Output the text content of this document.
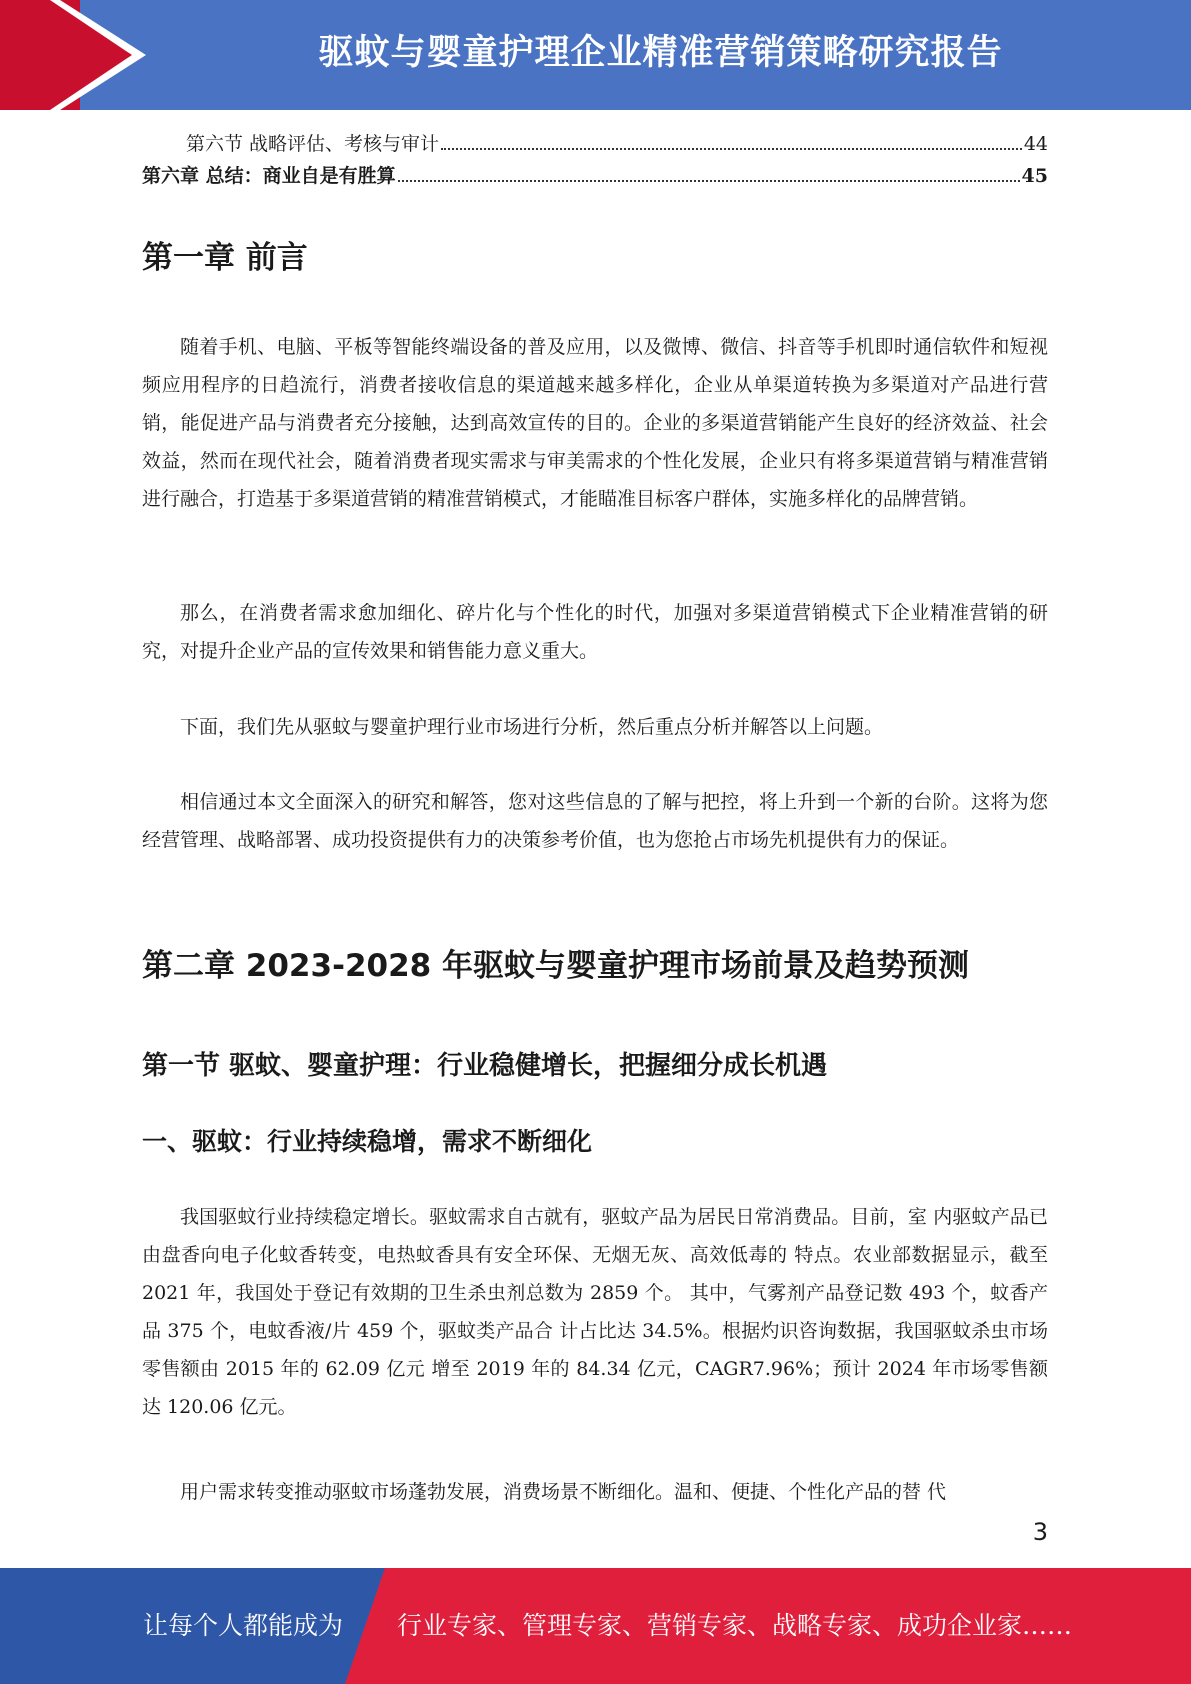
驱蚊与婴童护理企业精准营销策略研究报告
第六节 战略评估、考核与审计	44
第六章 总结：商业自是有胜算	45
第一章 前言

随着手机、电脑、平板等智能终端设备的普及应用，以及微博、微信、抖音等手机即时通信软件和短视频应用程序的日趋流行，消费者接收信息的渠道越来越多样化，企业从单渠道转换为多渠道对产品进行营销，能促进产品与消费者充分接触，达到高效宣传的目的。企业的多渠道营销能产生良好的经济效益、社会效益，然而在现代社会，随着消费者现实需求与审美需求的个性化发展，企业只有将多渠道营销与精准营销进行融合，打造基于多渠道营销的精准营销模式，才能瞄准目标客户群体，实施多样化的品牌营销。

那么，在消费者需求愈加细化、碎片化与个性化的时代，加强对多渠道营销模式下企业精准营销的研究，对提升企业产品的宣传效果和销售能力意义重大。

下面，我们先从驱蚊与婴童护理行业市场进行分析，然后重点分析并解答以上问题。

相信通过本文全面深入的研究和解答，您对这些信息的了解与把控，将上升到一个新的台阶。这将为您经营管理、战略部署、成功投资提供有力的决策参考价值，也为您抢占市场先机提供有力的保证。

第二章 2023-2028 年驱蚊与婴童护理市场前景及趋势预测
第一节 驱蚊、婴童护理：行业稳健增长，把握细分成长机遇
一、驱蚊：行业持续稳增，需求不断细化

我国驱蚊行业持续稳定增长。驱蚊需求自古就有，驱蚊产品为居民日常消费品。目前，室 内驱蚊产品已由盘香向电子化蚊香转变，电热蚊香具有安全环保、无烟无灰、高效低毒的 特点。农业部数据显示，截至 2021 年，我国处于登记有效期的卫生杀虫剂总数为 2859 个。 其中，气雾剂产品登记数 493 个，蚊香产品 375 个，电蚊香液/片 459 个，驱蚊类产品合 计占比达 34.5%。根据灼识咨询数据，我国驱蚊杀虫市场零售额由 2015 年的 62.09 亿元 增至 2019 年的 84.34 亿元，CAGR7.96%；预计 2024 年市场零售额达 120.06 亿元。

用户需求转变推动驱蚊市场蓬勃发展，消费场景不断细化。温和、便捷、个性化产品的替 代

3
让每个人都能成为 行业专家、管理专家、营销专家、战略专家、成功企业家……
